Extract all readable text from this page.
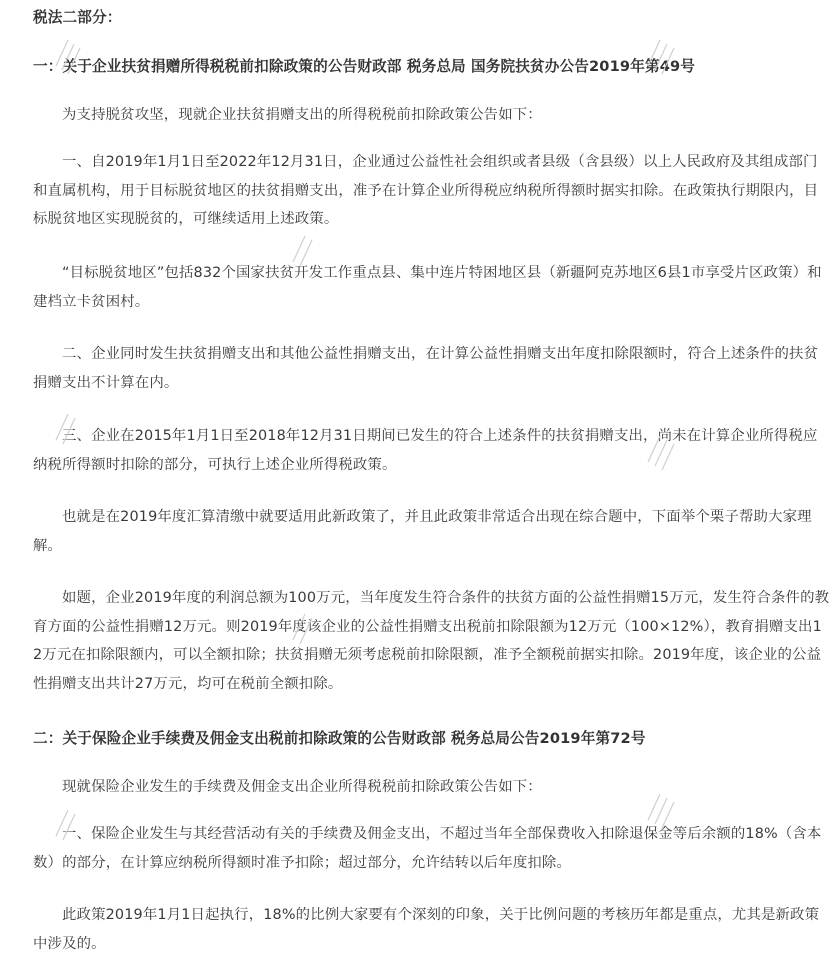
税法二部分：

一：关于企业扶贫捐赠所得税税前扣除政策的公告财政部 税务总局 国务院扶贫办公告2019年第49号

为支持脱贫攻坚，现就企业扶贫捐赠支出的所得税税前扣除政策公告如下：

一、自2019年1月1日至2022年12月31日，企业通过公益性社会组织或者县级（含县级）以上人民政府及其组成部门和直属机构，用于目标脱贫地区的扶贫捐赠支出，准予在计算企业所得税应纳税所得额时据实扣除。在政策执行期限内，目标脱贫地区实现脱贫的，可继续适用上述政策。

“目标脱贫地区”包括832个国家扶贫开发工作重点县、集中连片特困地区县（新疆阿克苏地区6县1市享受片区政策）和建档立卡贫困村。

二、企业同时发生扶贫捐赠支出和其他公益性捐赠支出，在计算公益性捐赠支出年度扣除限额时，符合上述条件的扶贫捐赠支出不计算在内。

三、企业在2015年1月1日至2018年12月31日期间已发生的符合上述条件的扶贫捐赠支出，尚未在计算企业所得税应纳税所得额时扣除的部分，可执行上述企业所得税政策。

也就是在2019年度汇算清缴中就要适用此新政策了，并且此政策非常适合出现在综合题中，下面举个栗子帮助大家理解。

如题，企业2019年度的利润总额为100万元，当年度发生符合条件的扶贫方面的公益性捐赠15万元，发生符合条件的教育方面的公益性捐赠12万元。则2019年度该企业的公益性捐赠支出税前扣除限额为12万元（100×12%），教育捐赠支出12万元在扣除限额内，可以全额扣除；扶贫捐赠无须考虑税前扣除限额，准予全额税前据实扣除。2019年度，该企业的公益性捐赠支出共计27万元，均可在税前全额扣除。

二：关于保险企业手续费及佣金支出税前扣除政策的公告财政部 税务总局公告2019年第72号

现就保险企业发生的手续费及佣金支出企业所得税税前扣除政策公告如下：

一、保险企业发生与其经营活动有关的手续费及佣金支出，不超过当年全部保费收入扣除退保金等后余额的18%（含本数）的部分，在计算应纳税所得额时准予扣除；超过部分，允许结转以后年度扣除。

此政策2019年1月1日起执行，18%的比例大家要有个深刻的印象，关于比例问题的考核历年都是重点，尤其是新政策中涉及的。
